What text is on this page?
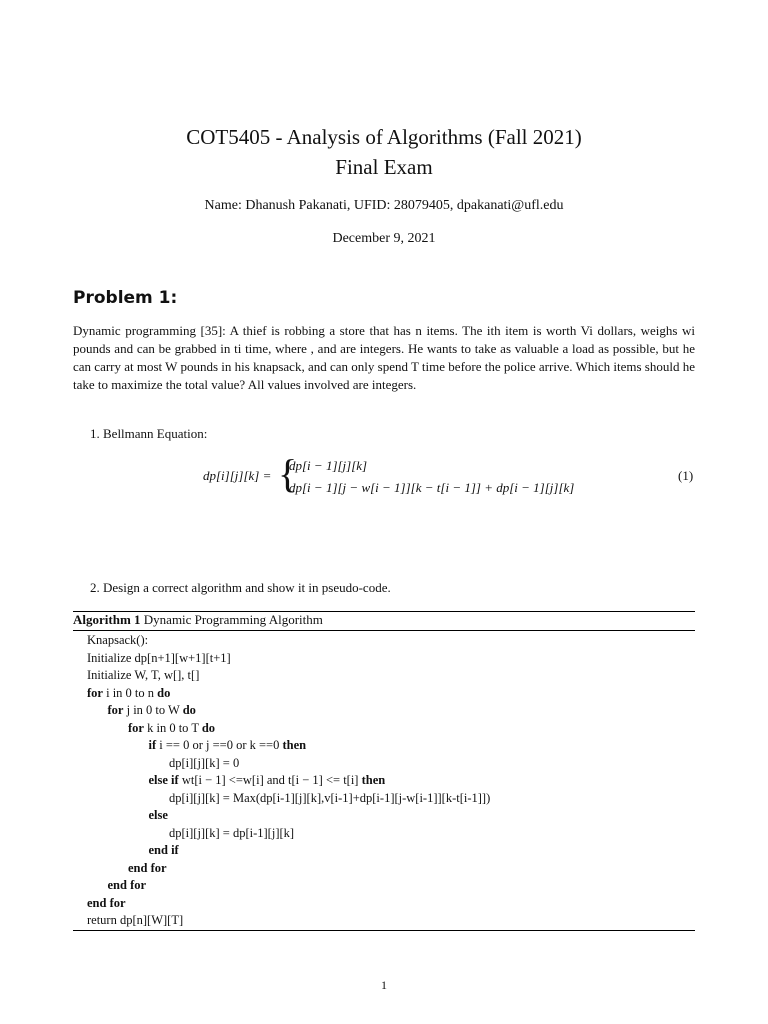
COT5405 - Analysis of Algorithms (Fall 2021)
Final Exam
Name: Dhanush Pakanati, UFID: 28079405, dpakanati@ufl.edu
December 9, 2021
Problem 1:
Dynamic programming [35]: A thief is robbing a store that has n items. The ith item is worth Vi dollars, weighs wi pounds and can be grabbed in ti time, where , and are integers. He wants to take as valuable a load as possible, but he can carry at most W pounds in his knapsack, and can only spend T time before the police arrive. Which items should he take to maximize the total value? All values involved are integers.
1. Bellmann Equation:
dp[i][j][k] = {
dp[i − 1][j][k]
dp[i − 1][j − w[i − 1]][k − t[i − 1]] + dp[i − 1][j][k]
(1)
2. Design a correct algorithm and show it in pseudo-code.
Algorithm 1 Dynamic Programming Algorithm
Knapsack():
Initialize dp[n+1][w+1][t+1]
Initialize W, T, w[], t[]
for i in 0 to n do
for j in 0 to W do
for k in 0 to T do
if i == 0 or j ==0 or k ==0 then
dp[i][j][k] = 0
else if wt[i − 1] <=w[i] and t[i − 1] <= t[i] then
dp[i][j][k] = Max(dp[i-1][j][k],v[i-1]+dp[i-1][j-w[i-1]][k-t[i-1]])
else
dp[i][j][k] = dp[i-1][j][k]
end if
end for
end for
end for
return dp[n][W][T]
1
